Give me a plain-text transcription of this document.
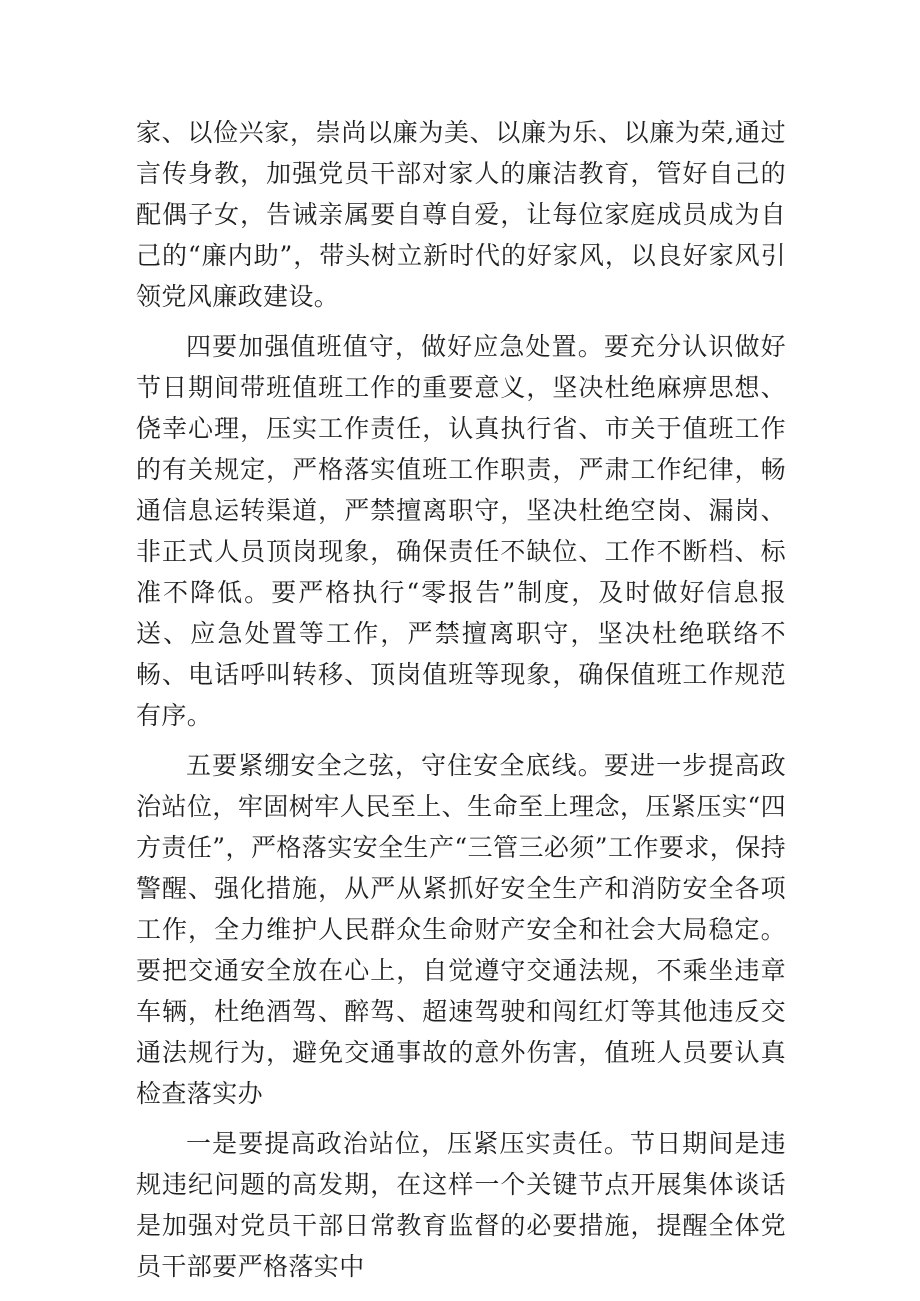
家、以俭兴家，崇尚以廉为美、以廉为乐、以廉为荣,通过言传身教，加强党员干部对家人的廉洁教育，管好自己的配偶子女，告诫亲属要自尊自爱，让每位家庭成员成为自己的“廉内助”，带头树立新时代的好家风，以良好家风引领党风廉政建设。

四要加强值班值守，做好应急处置。要充分认识做好节日期间带班值班工作的重要意义，坚决杜绝麻痹思想、侥幸心理，压实工作责任，认真执行省、市关于值班工作的有关规定，严格落实值班工作职责，严肃工作纪律，畅通信息运转渠道，严禁擅离职守，坚决杜绝空岗、漏岗、非正式人员顶岗现象，确保责任不缺位、工作不断档、标准不降低。要严格执行“零报告”制度，及时做好信息报送、应急处置等工作，严禁擅离职守，坚决杜绝联络不畅、电话呼叫转移、顶岗值班等现象，确保值班工作规范有序。

五要紧绷安全之弦，守住安全底线。要进一步提高政治站位，牢固树牢人民至上、生命至上理念，压紧压实“四方责任”，严格落实安全生产“三管三必须”工作要求，保持警醒、强化措施，从严从紧抓好安全生产和消防安全各项工作，全力维护人民群众生命财产安全和社会大局稳定。要把交通安全放在心上，自觉遵守交通法规，不乘坐违章车辆，杜绝酒驾、醉驾、超速驾驶和闯红灯等其他违反交通法规行为，避免交通事故的意外伤害，值班人员要认真检查落实办

一是要提高政治站位，压紧压实责任。节日期间是违规违纪问题的高发期，在这样一个关键节点开展集体谈话是加强对党员干部日常教育监督的必要措施，提醒全体党员干部要严格落实中
